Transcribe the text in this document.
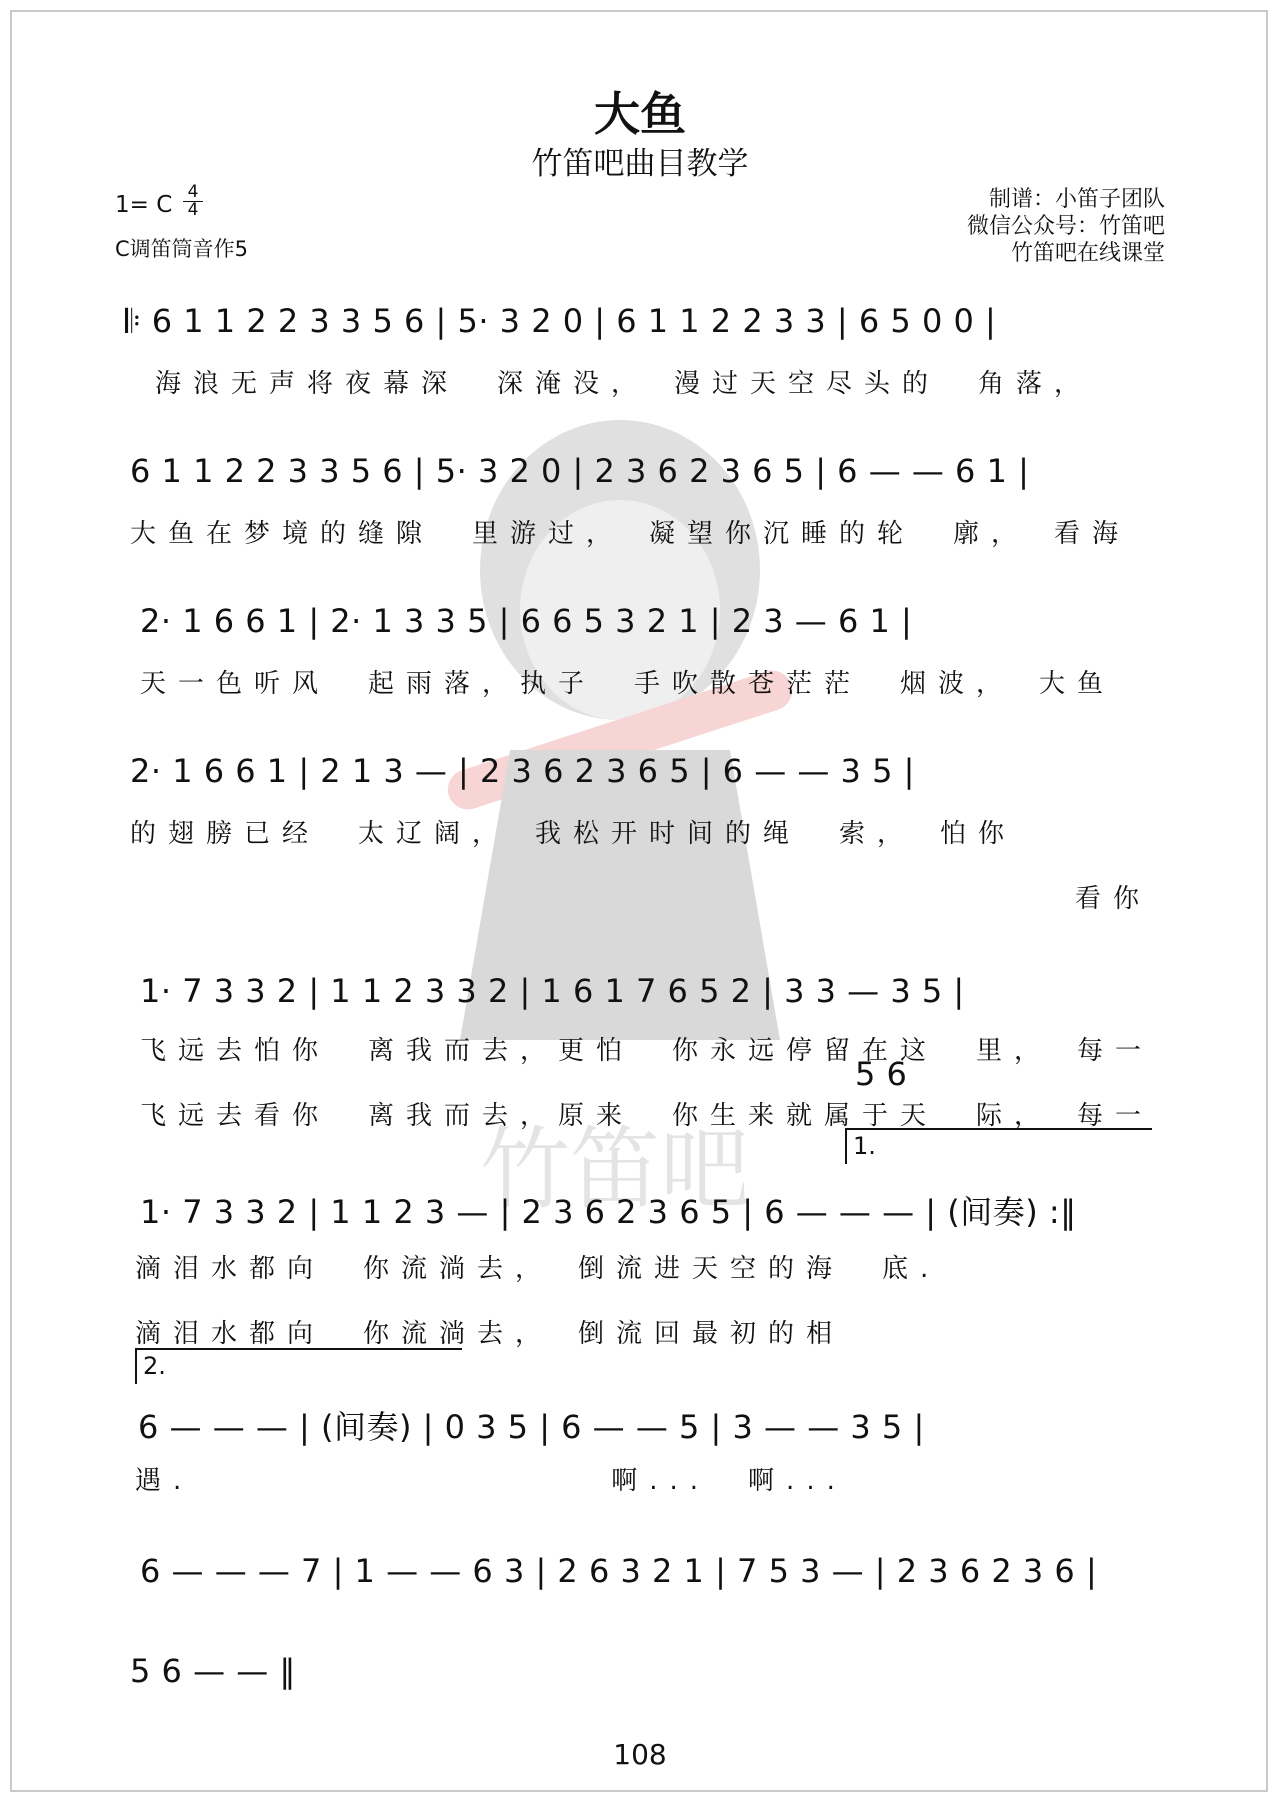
竹笛吧
大鱼
竹笛吧曲目教学
1= C $\frac{4}{4}$
C调笛筒音作5
制谱：小笛子团队
微信公众号：竹笛吧
竹笛吧在线课堂
𝄆 6 1 1 2 2 3 3 5 6 | 5· 3 2 0 | 6 1 1 2 2 3 3 | 6 5 0 0 |
海浪无声将夜幕深　深淹没，　漫过天空尽头的　角落，
6 1 1 2 2 3 3 5 6 | 5· 3 2 0 | 2 3 6 2 3 6 5 | 6 — — 6 1 |
大鱼在梦境的缝隙　里游过，　凝望你沉睡的轮　廓，　看海
2· 1 6 6 1 | 2· 1 3 3 5 | 6 6 5 3 2 1 | 2 3 — 6 1 |
天一色听风　起雨落，执子　手吹散苍茫茫　烟波，　大鱼
2· 1 6 6 1 | 2 1 3 — | 2 3 6 2 3 6 5 | 6 — — 3 5 |
的翅膀已经　太辽阔，　我松开时间的绳　索，　怕你
看你
1· 7 3 3 2 | 1 1 2 3 3 2 | 1 6 1 7 6 5 2 | 3 3 — 3 5 |
飞远去怕你　离我而去，更怕　你永远停留在这　里，　每一
5 6
飞远去看你　离我而去，原来　你生来就属于天　际，　每一
1.
1· 7 3 3 2 | 1 1 2 3 — | 2 3 6 2 3 6 5 | 6 — — — | (间奏) :‖
滴泪水都向　你流淌去，　倒流进天空的海　底.
滴泪水都向　你流淌去，　倒流回最初的相
2.
6 — — — | (间奏) | 0 3 5 | 6 — — 5 | 3 — — 3 5 |
遇.　　　　　　　　　　　啊...　啊...
6 — — — 7 | 1 — — 6 3 | 2 6 3 2 1 | 7 5 3 — | 2 3 6 2 3 6 |
5 6 — — ‖
108
